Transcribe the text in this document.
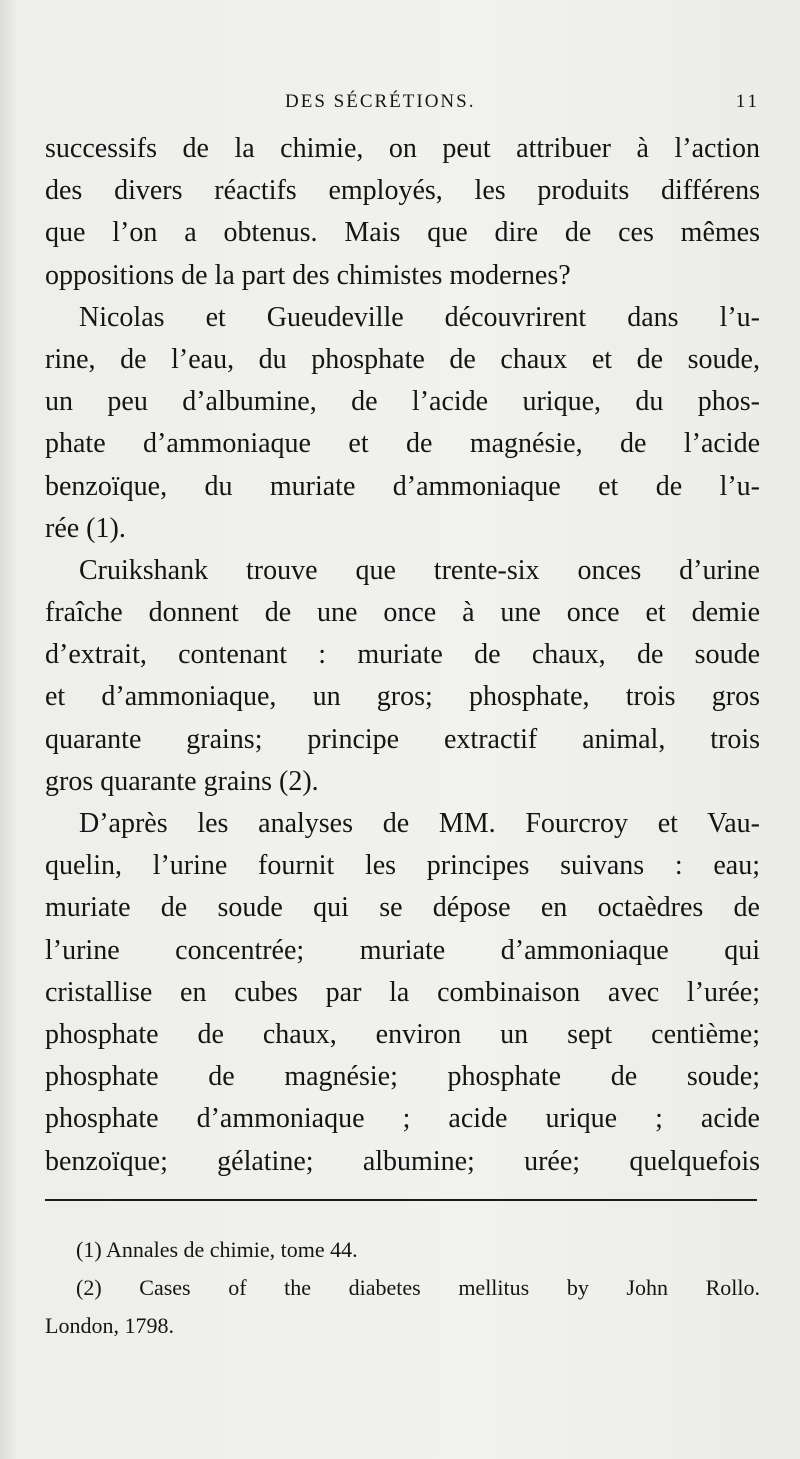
DES SÉCRÉTIONS.	11
successifs de la chimie, on peut attribuer à l’action
des divers réactifs employés, les produits différens
que l’on a obtenus. Mais que dire de ces mêmes
oppositions de la part des chimistes modernes?
Nicolas et Gueudeville découvrirent dans l’u-
rine, de l’eau, du phosphate de chaux et de soude,
un peu d’albumine, de l’acide urique, du phos-
phate d’ammoniaque et de magnésie, de l’acide
benzoïque, du muriate d’ammoniaque et de l’u-
rée (1).
Cruikshank trouve que trente-six onces d’urine
fraîche donnent de une once à une once et demie
d’extrait, contenant : muriate de chaux, de soude
et d’ammoniaque, un gros; phosphate, trois gros
quarante grains; principe extractif animal, trois
gros quarante grains (2).
D’après les analyses de MM. Fourcroy et Vau-
quelin, l’urine fournit les principes suivans : eau;
muriate de soude qui se dépose en octaèdres de
l’urine concentrée; muriate d’ammoniaque qui
cristallise en cubes par la combinaison avec l’urée;
phosphate de chaux, environ un sept centième;
phosphate de magnésie; phosphate de soude;
phosphate d’ammoniaque ; acide urique ; acide
benzoïque; gélatine; albumine; urée; quelquefois
(1) Annales de chimie, tome 44.
(2) Cases of the diabetes mellitus by John Rollo.
London, 1798.
